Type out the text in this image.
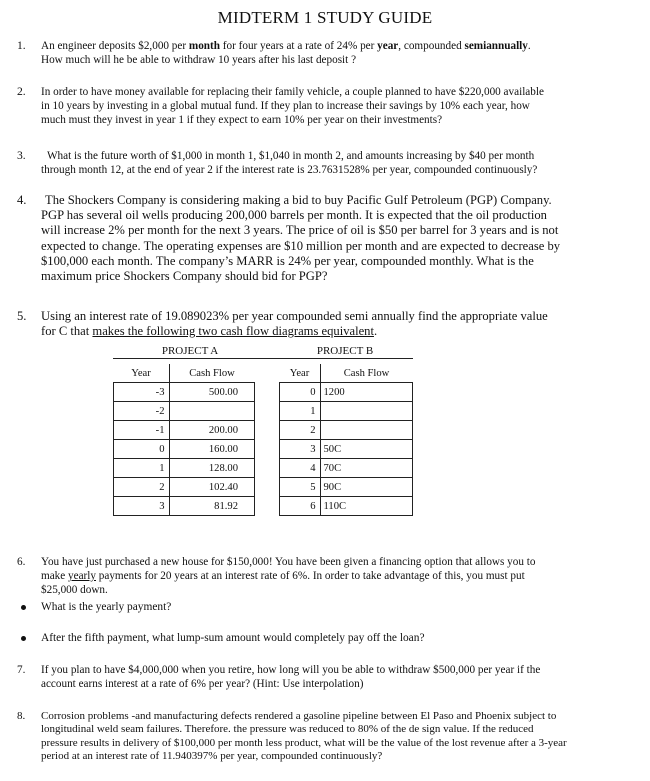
MIDTERM 1 STUDY GUIDE
1.	An engineer deposits $2,000 per month for four years at a rate of 24% per year, compounded semiannually.

How much will he be able to withdraw 10 years after his last deposit ?

2.	In order to have money available for replacing their family vehicle, a couple planned to have $220,000 available

in 10 years by investing in a global mutual fund. If they plan to increase their savings by 10% each year, how

much must they invest in year 1 if they expect to earn 10% per year on their investments?

3.	What is the future worth of $1,000 in month 1, $1,040 in month 2, and amounts increasing by $40 per month

through month 12, at the end of year 2 if the interest rate is 23.7631528% per year, compounded continuously?

4.	The Shockers Company is considering making a bid to buy Pacific Gulf Petroleum (PGP) Company.

PGP has several oil wells producing 200,000 barrels per month. It is expected that the oil production

will increase 2% per month for the next 3 years. The price of oil is $50 per barrel for 3 years and is not

expected to change. The operating expenses are $10 million per month and are expected to decrease by

$100,000 each month. The company’s MARR is 24% per year, compounded monthly. What is the

maximum price Shockers Company should bid for PGP?

5.	Using an interest rate of 19.089023% per year compounded semi annually find the appropriate value

for C that makes the following two cash flow diagrams equivalent.

PROJECT A	PROJECT B
Year	Cash Flow
-3	500.00
-2	
-1	200.00
0	160.00
1	128.00
2	102.40
3	81.92
Year	Cash Flow
0	1200
1	
2	
3	50C
4	70C
5	90C
6	110C
6.	You have just purchased a new house for $150,000! You have been given a financing option that allows you to

make yearly payments for 20 years at an interest rate of 6%. In order to take advantage of this, you must put

$25,000 down.

What is the yearly payment?
After the fifth payment, what lump-sum amount would completely pay off the loan?
7.	If you plan to have $4,000,000 when you retire, how long will you be able to withdraw $500,000 per year if the

account earns interest at a rate of 6% per year? (Hint: Use interpolation)

8.	Corrosion problems -and manufacturing defects rendered a gasoline pipeline between El Paso and Phoenix subject to

longitudinal weld seam failures. Therefore. the pressure was reduced to 80% of the de sign value. If the reduced

pressure results in delivery of $100,000 per month less product, what will be the value of the lost revenue after a 3-year

period at an interest rate of 11.940397% per year, compounded continuously?
